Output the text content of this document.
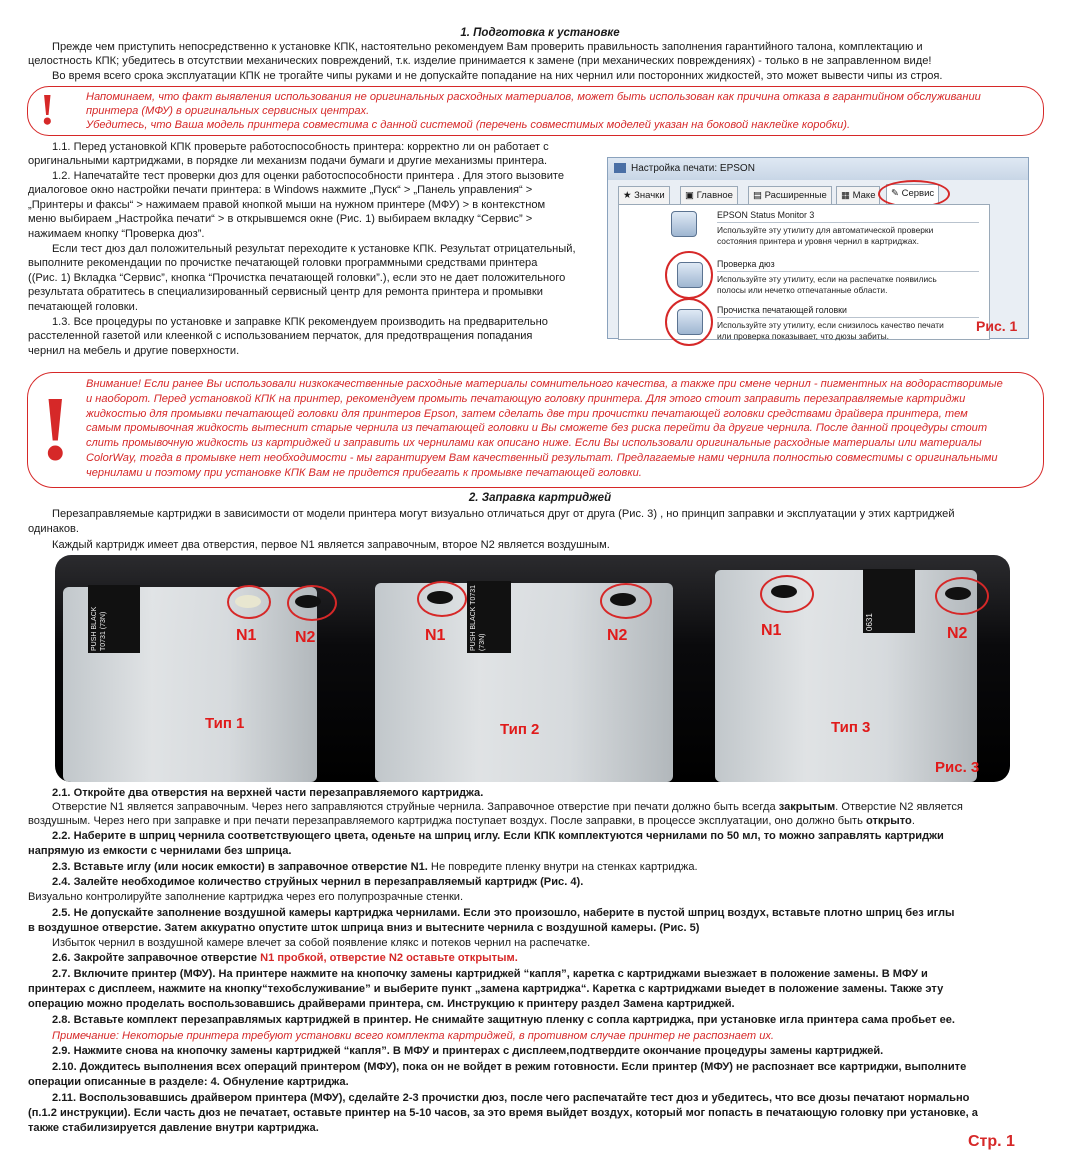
1. Подготовка к установке

Прежде чем приступить непосредственно к установке КПК, настоятельно рекомендуем Вам проверить правильность заполнения гарантийного талона, комплектацию и

целостность КПК; убедитесь в отсутствии механических повреждений, т.к. изделие принимается к замене (при механических повреждениях) - только в не заправленном виде!

Во время всего срока эксплуатации КПК не трогайте чипы руками и не допускайте попадание на них чернил или посторонних жидкостей, это может вывести чипы из строя.

!	Напоминаем, что факт выявления использования не оригинальных расходных материалов, может быть использован как причина отказа в гарантийном обслуживании

принтера (МФУ) в оригинальных сервисных центрах.

Убедитесь, что Ваша модель принтера совместима с данной системой (перечень совместимых моделей указан на боковой наклейке коробки).

1.1. Перед установкой КПК проверьте работоспособность принтера: корректно ли он работает с

оригинальными картриджами, в порядке ли механизм подачи бумаги и другие механизмы принтера.

1.2. Напечатайте тест проверки дюз для оценки работоспособности принтера . Для этого вызовите

диалоговое окно настройки печати принтера: в Windows нажмите „Пуск“ > „Панель управления“ >

„Принтеры и факсы“ > нажимаем правой кнопкой мыши на нужном принтере (МФУ) > в контекстном

меню выбираем „Настройка печати“ > в открывшемся окне (Рис. 1) выбираем вкладку “Сервис” >

нажимаем кнопку “Проверка дюз”.

Если тест дюз дал положительный результат переходите к установке КПК. Результат отрицательный,

выполните рекомендации по прочистке печатающей головки программными средствами принтера

((Рис. 1) Вкладка “Сервис”, кнопка “Прочистка печатающей головки”.), если это не дает положительного

результата обратитесь в специализированный сервисный центр для ремонта принтера и промывки

печатающей головки.

1.3. Все процедуры по установке и заправке КПК рекомендуем производить на предварительно

расстеленной газетой или клеенкой с использованием перчаток, для предотвращения попадания

чернил на мебель и другие поверхности.

Настройка печати: EPSON
★ Значки	▣ Главное	▤ Расширенные	▦ Маке	✎ Сервис
EPSON Status Monitor 3
Используйте эту утилиту для автоматической проверки
состояния принтера и уровня чернил в картриджах.
Проверка дюз
Используйте эту утилиту, если на распечатке появились
полосы или нечетко отпечатанные области.
Прочистка печатающей головки
Используйте эту утилиту, если снизилось качество печати
или проверка показывает, что дюзы забиты.
Рис. 1
! Внимание! Если ранее Вы использовали низкокачественные расходные материалы сомнительного качества, а также при смене чернил - пигментных на водорастворимые

и наоборот. Перед установкой КПК на принтер, рекомендуем промыть печатающую головку принтера. Для этого стоит заправить перезаправляемые картриджи

жидкостью для промывки печатающей головки для принтеров Epson, затем сделать две три прочистки печатающей головки средствами драйвера принтера, тем

самым промывочная жидкость вытеснит старые чернила из печатающей головки и Вы сможете без риска перейти да другие чернила. После данной процедуры стоит

слить промывочную жидкость из картриджей и заправить их чернилами как описано ниже. Если Вы использовали оригинальные расходные материалы или материалы

ColorWay, тогда в промывке нет необходимости - мы гарантируем Вам качественный результат. Предлагаемые нами чернила полностью совместимы с оригинальными

чернилами и поэтому при установке КПК Вам не придется прибегать к промывке печатающей головки.

2. Заправка картриджей

Перезаправляемые картриджи в зависимости от модели принтера могут визуально отличаться друг от друга (Рис. 3) , но принцип заправки и эксплуатации у этих картриджей

одинаков.

Каждый картридж имеет два отверстия, первое N1 является заправочным, второе N2 является воздушным.

PUSH BLACK T0731 (73N)	N1 N2
Тип 1
PUSH BLACK T0731 (73N)
N1	N2
Тип 2
0631
N1	N2
Тип 3
Рис. 3

2.1. Откройте два отверстия на верхней части перезаправляемого картриджа.

Отверстие N1 является заправочным. Через него заправляются струйные чернила. Заправочное отверстие при печати должно быть всегда закрытым. Отверстие N2 является

воздушным. Через него при заправке и при печати перезаправляемого картриджа поступает воздух. После заправки, в процессе эксплуатации, оно должно быть открыто.

2.2. Наберите в шприц чернила соответствующего цвета, оденьте на шприц иглу. Если КПК комплектуются чернилами по 50 мл, то можно заправлять картриджи

напрямую из емкости с чернилами без шприца.

2.3. Вставьте иглу (или носик емкости) в заправочное отверстие N1. Не повредите пленку внутри на стенках картриджа.

2.4. Залейте необходимое количество струйных чернил в перезаправляемый картридж (Рис. 4).

Визуально контролируйте заполнение картриджа через его полупрозрачные стенки.

2.5. Не допускайте заполнение воздушной камеры картриджа чернилами. Если это произошло, наберите в пустой шприц воздух, вставьте плотно шприц без иглы

в воздушное отверстие. Затем аккуратно опустите шток шприца вниз и вытесните чернила с воздушной камеры. (Рис. 5)

Избыток чернил в воздушной камере влечет за собой появление клякс и потеков чернил на распечатке.

2.6. Закройте заправочное отверстие N1 пробкой, отверстие N2 оставьте открытым.

2.7. Включите принтер (МФУ). На принтере нажмите на кнопочку замены картриджей “капля”, каретка с картриджами выезжает в положение замены. В МФУ и

принтерах с дисплеем, нажмите на кнопку“техобслуживание” и выберите пункт „замена картриджа“. Каретка с картриджами выедет в положение замены. Также эту

операцию можно проделать воспользовавшись драйверами принтера, см. Инструкцию к принтеру раздел Замена картриджей.

2.8. Вставьте комплект перезаправлямых картриджей в принтер. Не снимайте защитную пленку с сопла картриджа, при установке игла принтера сама пробьет ее.

Примечание: Некоторые принтера требуют установки всего комплекта картриджей, в противном случае принтер не распознает их.

2.9. Нажмите снова на кнопочку замены картриджей “капля”. В МФУ и принтерах с дисплеем,подтвердите окончание процедуры замены картриджей.

2.10. Дождитесь выполнения всех операций принтером (МФУ), пока он не войдет в режим готовности. Если принтер (МФУ) не распознает все картриджи, выполните

операции описанные в разделе: 4. Обнуление картриджа.

2.11. Воспользовавшись драйвером принтера (МФУ), сделайте 2-3 прочистки дюз, после чего распечатайте тест дюз и убедитесь, что все дюзы печатают нормально

(п.1.2 инструкции). Если часть дюз не печатает, оставьте принтер на 5-10 часов, за это время выйдет воздух, который мог попасть в печатающую головку при установке, а

также стабилизируется давление внутри картриджа.

Стр. 1
